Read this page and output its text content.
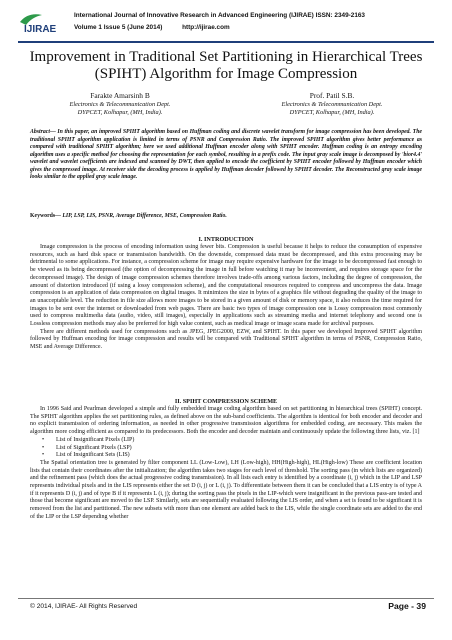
IJIRAE
International Journal of Innovative Research in Advanced Engineering (IJIRAE) ISSN: 2349-2163
Volume 1 Issue 5 (June 2014)	http://ijirae.com
Improvement in Traditional Set Partitioning in Hierarchical Trees (SPIHT) Algorithm for Image Compression
Farakte Amarsinh B
Electronics & Telecommunication Dept.
DYPCET, Kolhapur, (MH, India).
Prof. Patil S.B.
Electronics & Telecommunication Dept.
DYPCET, Kolhapur, (MH, India).
Abstract— In this paper, an improved SPIHT algorithm based on Huffman coding and discrete wavelet transform for image compression has been developed. The traditional SPIHT algorithm application is limited in terms of PSNR and Compression Ratio. The improved SPIHT algorithm gives better performance as compared with traditional SPIHT algorithm; here we used additional Huffman encoder along with SPIHT encoder. Huffman coding is an entropy encoding algorithm uses a specific method for choosing the representation for each symbol, resulting in a prefix code. The input gray scale image is decomposed by 'bior4.4' wavelet and wavelet coefficients are indexed and scanned by DWT, then applied to encode the coefficient by SPIHT encoder followed by Huffman encoder which gives the compressed image. At receiver side the decoding process is applied by Huffman decoder followed by SPIHT decoder. The Reconstructed gray scale image looks similar to the applied gray scale image.
Keywords— LIP, LSP, LIS, PSNR, Average Difference, MSE, Compression Ratio.
I. INTRODUCTION

Image compression is the process of encoding information using fewer bits. Compression is useful because it helps to reduce the consumption of expensive resources, such as hard disk space or transmission bandwidth. On the downside, compressed data must be decompressed, and this extra processing may be detrimental to some applications. For instance, a compression scheme for image may require expensive hardware for the image to be decompressed fast enough to be viewed as its being decompressed (the option of decompressing the image in full before watching it may be inconvenient, and requires storage space for the decompressed image). The design of image compression schemes therefore involves trade-offs among various factors, including the degree of compression, the amount of distortion introduced (if using a lossy compression scheme), and the computational resources required to compress and uncompress the data. Image compression is an application of data compression on digital images. It minimizes the size in bytes of a graphics file without degrading the quality of the image to an unacceptable level. The reduction in file size allows more images to be stored in a given amount of disk or memory space, it also reduces the time required for images to be sent over the internet or downloaded from web pages. There are basic two types of image compression one is Lossy compression most commonly used to compress multimedia data (audio, video, still images), especially in applications such as streaming media and internet telephony and second one is Lossless compression methods may also be preferred for high value content, such as medical image or image scans made for archival purposes.

There are different methods used for compressions such as JPEG, JPEG2000, EZW, and SPIHT. In this paper we developed Improved SPIHT algorithm followed by Huffman encoding for image compression and results will be compared with Traditional SPIHT algorithm in terms of PSNR, Compression Ratio, MSE and Average Difference.

II. SPIHT COMPRESSION SCHEME

In 1996 Said and Pearlman developed a simple and fully embedded image coding algorithm based on set partitioning in hierarchical trees (SPIHT) concept. The SPIHT algorithm applies the set partitioning rules, as defined above on the sub-band coefficients. The algorithm is identical for both encoder and decoder and no explicit transmission of ordering information, as needed in other progressive transmission algorithms for embedded coding, are necessary. This makes the algorithm more coding efficient as compared to its predecessors. Both the encoder and decoder maintain and continuously update the following three lists, viz. [1]

• List of Insignificant Pixels (LIP)
• List of Significant Pixels (LSP)
• List of Insignificant Sets (LIS)

The Spatial orientation tree is generated by filter component LL (Low-Low), LH (Low-high), HH(High-high), HL(High-low) These are coefficient location lists that contain their coordinates after the initialization; the algorithm takes two stages for each level of threshold. The sorting pass (in which lists are organized) and the refinement pass (which does the actual progressive coding transmission). In all lists each entry is identified by a coordinate (i, j) which in the LIP and LSP represents individual pixels and in the LIS represents either the set D (i, j) or L (i, j). To differentiate between them it can be concluded that a LIS entry is of type A if it represents D (i, j) and of type B if it represents L (i, j); during the sorting pass the pixels in the LIP-which were insignificant in the previous pass-are tested and those that become significant are moved to the LSP. Similarly, sets are sequentially evaluated following the LIS order, and when a set is found to be significant it is removed from the list and partitioned. The new subsets with more than one element are added back to the LIS, while the single coordinate sets are added to the end of the LIP or the LSP depending whether

© 2014, IJIRAE- All Rights Reserved	Page - 39
